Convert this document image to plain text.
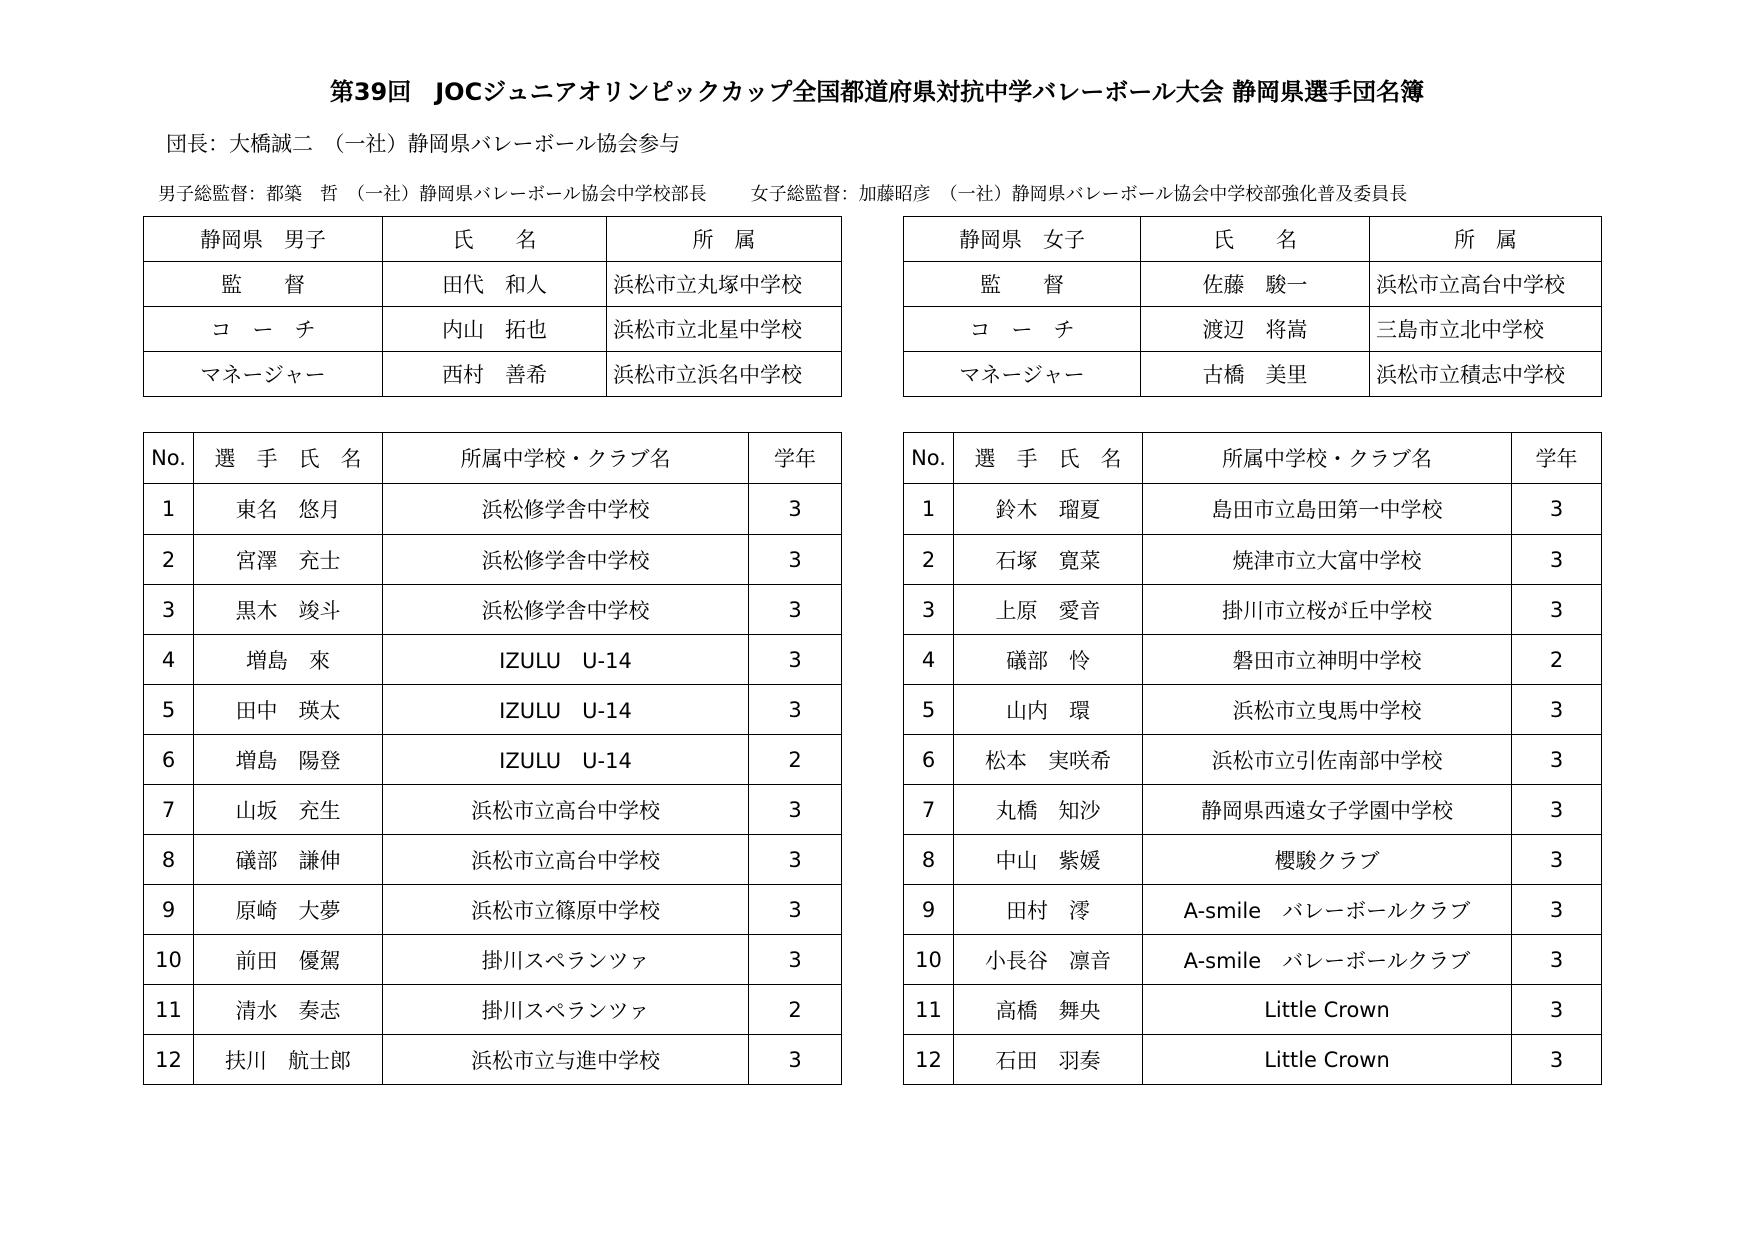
第39回　JOCジュニアオリンピックカップ全国都道府県対抗中学バレーボール大会 静岡県選手団名簿
団長：大橋誠二　（一社）静岡県バレーボール協会参与
男子総監督：都築　哲　（一社）静岡県バレーボール協会中学校部長 女子総監督：加藤昭彦　（一社）静岡県バレーボール協会中学校部強化普及委員長
静岡県　男子	氏　　名	所　属
監　　督	田代　和人	浜松市立丸塚中学校
コ　ー　チ	内山　拓也	浜松市立北星中学校
マネージャー	西村　善希	浜松市立浜名中学校
静岡県　女子	氏　　名	所　属
監　　督	佐藤　駿一	浜松市立高台中学校
コ　ー　チ	渡辺　将嵩	三島市立北中学校
マネージャー	古橋　美里	浜松市立積志中学校
No.	選　手　氏　名	所属中学校・クラブ名	学年
1	東名　悠月	浜松修学舎中学校	3
2	宮澤　充士	浜松修学舎中学校	3
3	黒木　竣斗	浜松修学舎中学校	3
4	増島　來	IZULU　U-14	3
5	田中　瑛太	IZULU　U-14	3
6	増島　陽登	IZULU　U-14	2
7	山坂　充生	浜松市立高台中学校	3
8	礒部　謙伸	浜松市立高台中学校	3
9	原崎　大夢	浜松市立篠原中学校	3
10	前田　優駕	掛川スペランツァ	3
11	清水　奏志	掛川スペランツァ	2
12	扶川　航士郎	浜松市立与進中学校	3
No.	選　手　氏　名	所属中学校・クラブ名	学年
1	鈴木　瑠夏	島田市立島田第一中学校	3
2	石塚　寛菜	焼津市立大富中学校	3
3	上原　愛音	掛川市立桜が丘中学校	3
4	礒部　怜	磐田市立神明中学校	2
5	山内　環	浜松市立曳馬中学校	3
6	松本　実咲希	浜松市立引佐南部中学校	3
7	丸橋　知沙	静岡県西遠女子学園中学校	3
8	中山　紫媛	櫻駿クラブ	3
9	田村　澪	A-smile　バレーボールクラブ	3
10	小長谷　凛音	A-smile　バレーボールクラブ	3
11	高橋　舞央	Little Crown	3
12	石田　羽奏	Little Crown	3
